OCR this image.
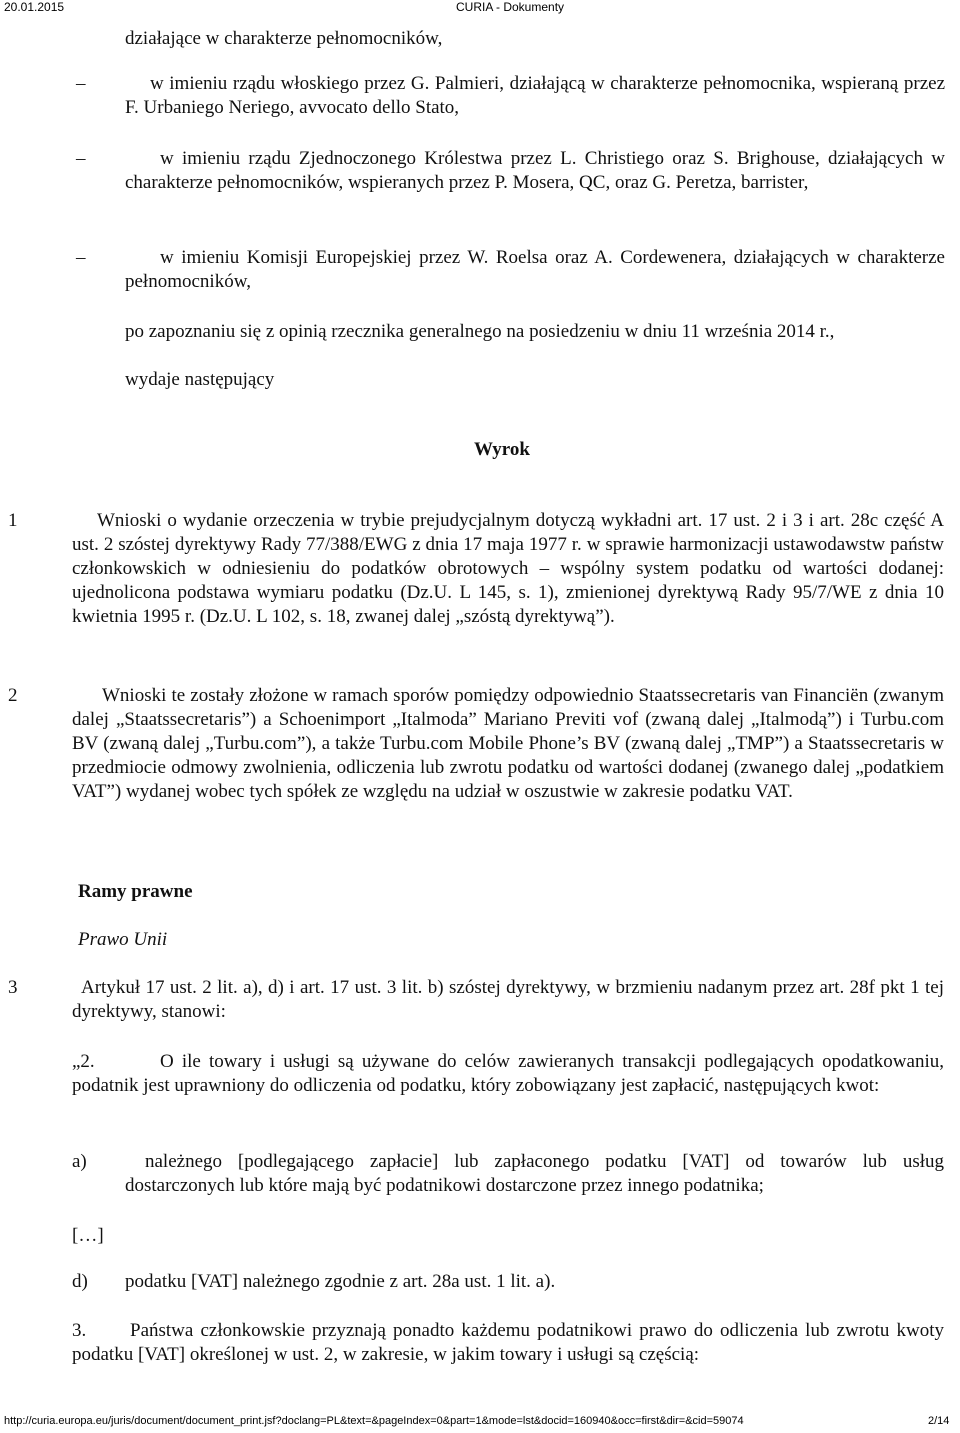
20.01.2015	CURIA - Dokumenty
działające w charakterze pełnomocników,
–	w imieniu rządu włoskiego przez G. Palmieri, działającą w charakterze pełnomocnika, wspieraną przez F. Urbaniego Neriego, avvocato dello Stato,
–	w imieniu rządu Zjednoczonego Królestwa przez L. Christiego oraz S. Brighouse, działających w charakterze pełnomocników, wspieranych przez P. Mosera, QC, oraz G. Peretza, barrister,
–	w imieniu Komisji Europejskiej przez W. Roelsa oraz A. Cordewenera, działających w charakterze pełnomocników,
po zapoznaniu się z opinią rzecznika generalnego na posiedzeniu w dniu 11 września 2014 r.,
wydaje następujący
Wyrok
1	Wnioski o wydanie orzeczenia w trybie prejudycjalnym dotyczą wykładni art. 17 ust. 2 i 3 i art. 28c część A ust. 2 szóstej dyrektywy Rady 77/388/EWG z dnia 17 maja 1977 r. w sprawie harmonizacji ustawodawstw państw członkowskich w odniesieniu do podatków obrotowych – wspólny system podatku od wartości dodanej: ujednolicona podstawa wymiaru podatku (Dz.U. L 145, s. 1), zmienionej dyrektywą Rady 95/7/WE z dnia 10 kwietnia 1995 r. (Dz.U. L 102, s. 18, zwanej dalej „szóstą dyrektywą”).
2	Wnioski te zostały złożone w ramach sporów pomiędzy odpowiednio Staatssecretaris van Financiën (zwanym dalej „Staatssecretaris”) a Schoenimport „Italmoda” Mariano Previti vof (zwaną dalej „Italmodą”) i Turbu.com BV (zwaną dalej „Turbu.com”), a także Turbu.com Mobile Phone’s BV (zwaną dalej „TMP”) a Staatssecretaris w przedmiocie odmowy zwolnienia, odliczenia lub zwrotu podatku od wartości dodanej (zwanego dalej „podatkiem VAT”) wydanej wobec tych spółek ze względu na udział w oszustwie w zakresie podatku VAT.
Ramy prawne
Prawo Unii
3	Artykuł 17 ust. 2 lit. a), d) i art. 17 ust. 3 lit. b) szóstej dyrektywy, w brzmieniu nadanym przez art. 28f pkt 1 tej dyrektywy, stanowi:
„2.	O ile towary i usługi są używane do celów zawieranych transakcji podlegających opodatkowaniu, podatnik jest uprawniony do odliczenia od podatku, który zobowiązany jest zapłacić, następujących kwot:
a)	należnego [podlegającego zapłacie] lub zapłaconego podatku [VAT] od towarów lub usług dostarczonych lub które mają być podatnikowi dostarczone przez innego podatnika;
[…]
d) podatku [VAT] należnego zgodnie z art. 28a ust. 1 lit. a).
3.	Państwa członkowskie przyznają ponadto każdemu podatnikowi prawo do odliczenia lub zwrotu kwoty podatku [VAT] określonej w ust. 2, w zakresie, w jakim towary i usługi są częścią:
http://curia.europa.eu/juris/document/document_print.jsf?doclang=PL&text=&pageIndex=0&part=1&mode=lst&docid=160940&occ=first&dir=&cid=59074	2/14
